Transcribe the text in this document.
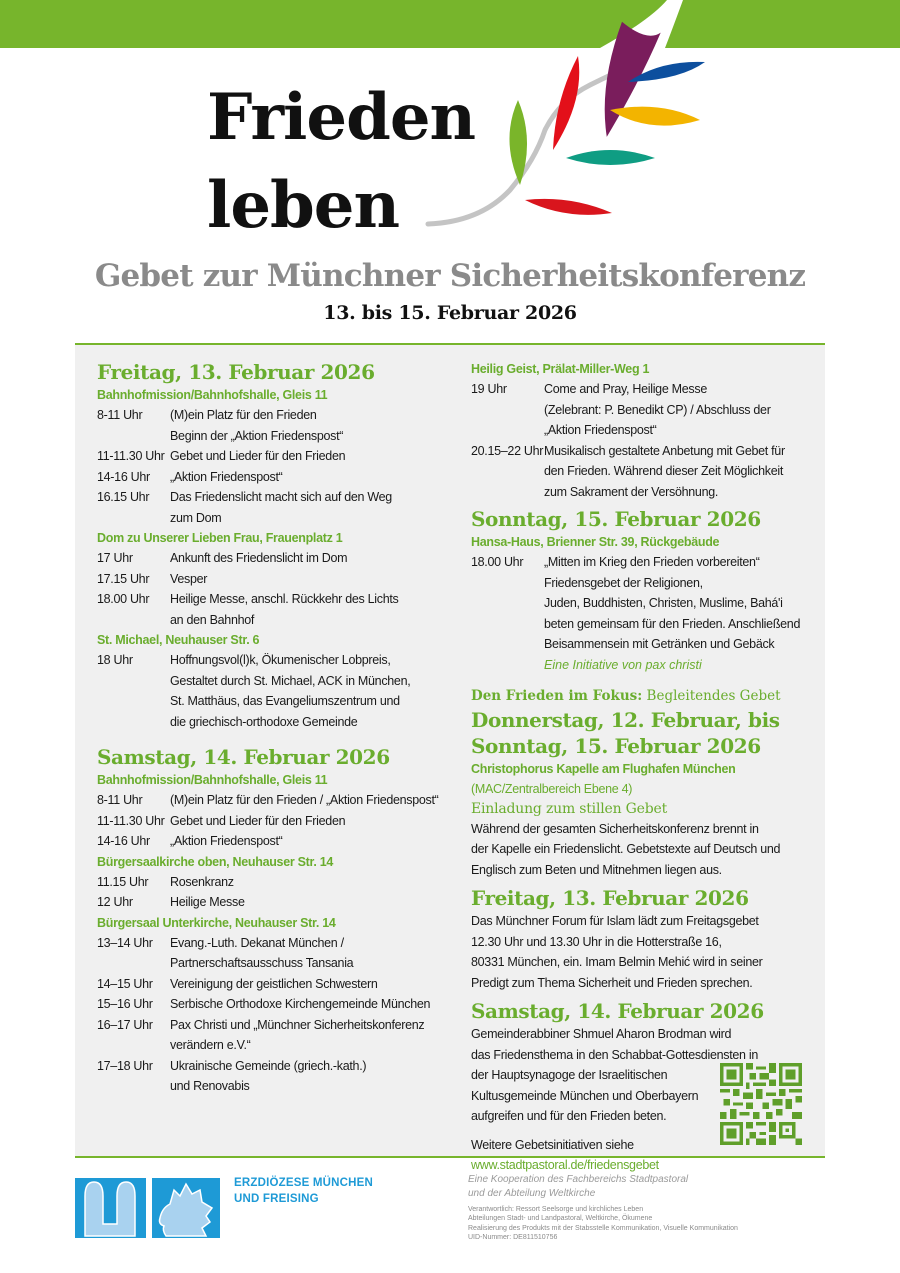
Frieden
leben
Gebet zur Münchner Sicherheitskonferenz
13. bis 15. Februar 2026
Freitag, 13. Februar 2026
Bahnhofmission/Bahnhofshalle, Gleis 11
8-11 Uhr	(M)ein Platz für den Frieden
Beginn der „Aktion Friedenspost“
11-11.30 Uhr Gebet und Lieder für den Frieden
14-16 Uhr	„Aktion Friedenspost“
16.15 Uhr	Das Friedenslicht macht sich auf den Weg
zum Dom
Dom zu Unserer Lieben Frau, Frauenplatz 1
17 Uhr	Ankunft des Friedenslicht im Dom
17.15 Uhr	Vesper
18.00 Uhr	Heilige Messe, anschl. Rückkehr des Lichts
an den Bahnhof
St. Michael, Neuhauser Str. 6
18 Uhr	Hoffnungsvol(l)k, Ökumenischer Lobpreis,
Gestaltet durch St. Michael, ACK in München,
St. Matthäus, das Evangeliumszentrum und
die griechisch-orthodoxe Gemeinde
Samstag, 14. Februar 2026
Bahnhofmission/Bahnhofshalle, Gleis 11
8-11 Uhr	(M)ein Platz für den Frieden / „Aktion Friedenspost“
11-11.30 Uhr Gebet und Lieder für den Frieden
14-16 Uhr	„Aktion Friedenspost“
Bürgersaalkirche oben, Neuhauser Str. 14
11.15 Uhr	Rosenkranz
12 Uhr	Heilige Messe
Bürgersaal Unterkirche, Neuhauser Str. 14
13–14 Uhr	Evang.-Luth. Dekanat München /
Partnerschaftsausschuss Tansania
14–15 Uhr	Vereinigung der geistlichen Schwestern
15–16 Uhr	Serbische Orthodoxe Kirchengemeinde München
16–17 Uhr	Pax Christi und „Münchner Sicherheitskonferenz
verändern e.V.“
17–18 Uhr	Ukrainische Gemeinde (griech.-kath.)
und Renovabis
Heilig Geist, Prälat-Miller-Weg 1
19 Uhr	Come and Pray, Heilige Messe
(Zelebrant: P. Benedikt CP) / Abschluss der
„Aktion Friedenspost“
20.15–22 Uhr Musikalisch gestaltete Anbetung mit Gebet für
den Frieden. Während dieser Zeit Möglichkeit
zum Sakrament der Versöhnung.
Sonntag, 15. Februar 2026
Hansa-Haus, Brienner Str. 39, Rückgebäude
18.00 Uhr	„Mitten im Krieg den Frieden vorbereiten“
Friedensgebet der Religionen,
Juden, Buddhisten, Christen, Muslime, Bahá'i
beten gemeinsam für den Frieden. Anschließend
Beisammensein mit Getränken und Gebäck
Eine Initiative von pax christi
Den Frieden im Fokus: Begleitendes Gebet
Donnerstag, 12. Februar, bis
Sonntag, 15. Februar 2026
Christophorus Kapelle am Flughafen München
(MAC/Zentralbereich Ebene 4)
Einladung zum stillen Gebet
Während der gesamten Sicherheitskonferenz brennt in
der Kapelle ein Friedenslicht. Gebetstexte auf Deutsch und
Englisch zum Beten und Mitnehmen liegen aus.
Freitag, 13. Februar 2026
Das Münchner Forum für Islam lädt zum Freitagsgebet
12.30 Uhr und 13.30 Uhr in die Hotterstraße 16,
80331 München, ein. Imam Belmin Mehić wird in seiner
Predigt zum Thema Sicherheit und Frieden sprechen.
Samstag, 14. Februar 2026
Gemeinderabbiner Shmuel Aharon Brodman wird
das Friedensthema in den Schabbat-Gottesdiensten in
der Hauptsynagoge der Israelitischen
Kultusgemeinde München und Oberbayern
aufgreifen und für den Frieden beten.
Weitere Gebetsinitiativen siehe
www.stadtpastoral.de/friedensgebet
ERZDIÖZESE MÜNCHEN
UND FREISING
Eine Kooperation des Fachbereichs Stadtpastoral
und der Abteilung Weltkirche
Verantwortlich: Ressort Seelsorge und kirchliches Leben
Abteilungen Stadt- und Landpastoral, Weltkirche, Ökumene
Realisierung des Produkts mit der Stabsstelle Kommunikation, Visuelle Kommunikation
UID-Nummer: DE811510756
